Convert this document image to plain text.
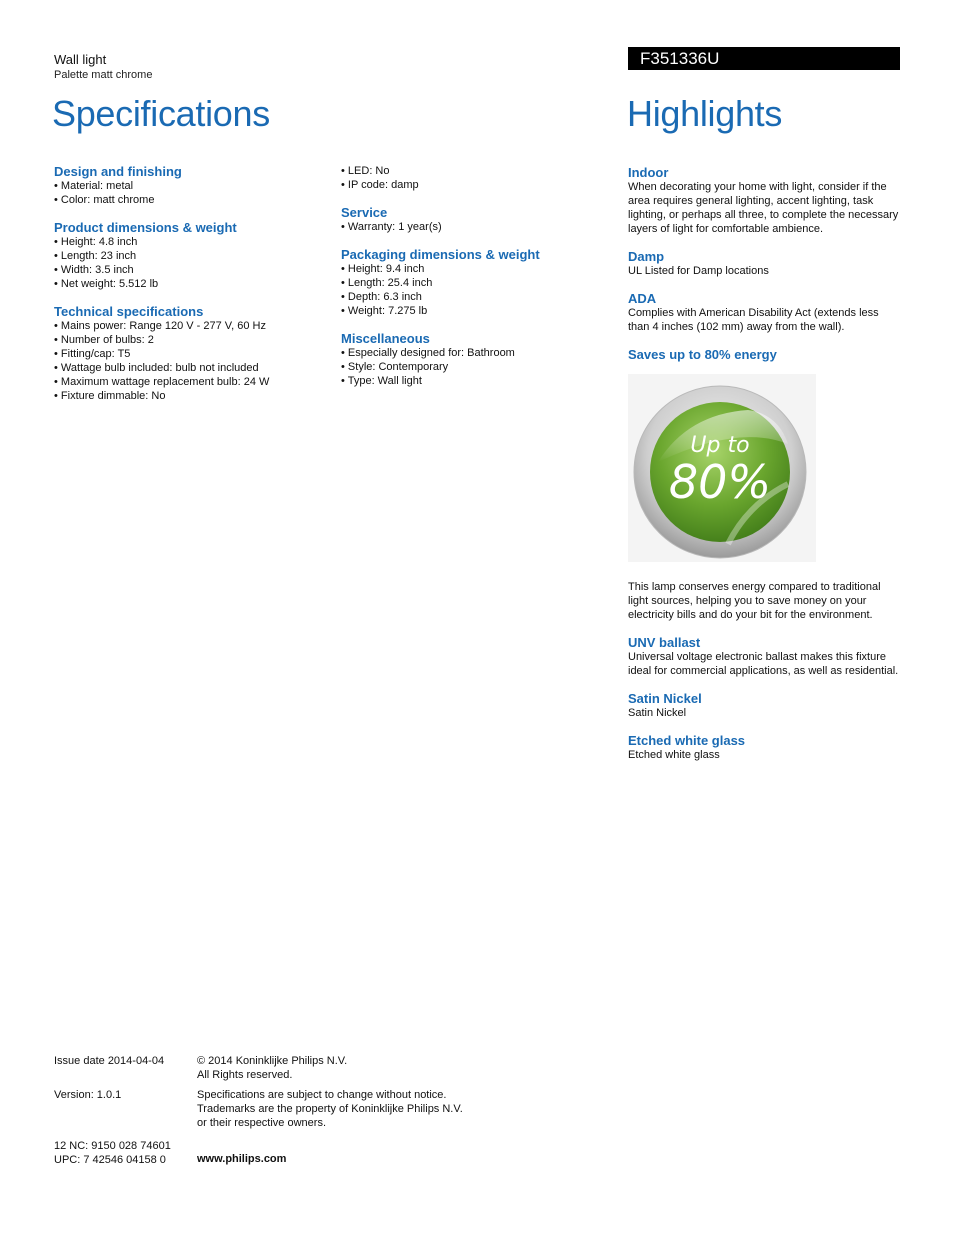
Wall light
Palette matt chrome
F351336U
Specifications	Highlights
Design and finishing
• Material: metal
• Color: matt chrome
Product dimensions & weight
• Height: 4.8 inch
• Length: 23 inch
• Width: 3.5 inch
• Net weight: 5.512 lb
Technical specifications
• Mains power: Range 120 V - 277 V, 60 Hz
• Number of bulbs: 2
• Fitting/cap: T5
• Wattage bulb included: bulb not included
• Maximum wattage replacement bulb: 24 W
• Fixture dimmable: No
• LED: No
• IP code: damp
Service
• Warranty: 1 year(s)
Packaging dimensions & weight
• Height: 9.4 inch
• Length: 25.4 inch
• Depth: 6.3 inch
• Weight: 7.275 lb
Miscellaneous
• Especially designed for: Bathroom
• Style: Contemporary
• Type: Wall light
Indoor
When decorating your home with light, consider if the area requires general lighting, accent lighting, task lighting, or perhaps all three, to complete the necessary layers of light for comfortable ambience.
Damp
UL Listed for Damp locations
ADA
Complies with American Disability Act (extends less than 4 inches (102 mm) away from the wall).
Saves up to 80% energy
Up to
80%
This lamp conserves energy compared to traditional light sources, helping you to save money on your electricity bills and do your bit for the environment.
UNV ballast
Universal voltage electronic ballast makes this fixture ideal for commercial applications, as well as residential.
Satin Nickel
Satin Nickel
Etched white glass
Etched white glass
Issue date 2014-04-04
Version: 1.0.1
12 NC: 9150 028 74601
UPC: 7 42546 04158 0
© 2014 Koninklijke Philips N.V.
All Rights reserved.
Specifications are subject to change without notice.
Trademarks are the property of Koninklijke Philips N.V.
or their respective owners.
www.philips.com
